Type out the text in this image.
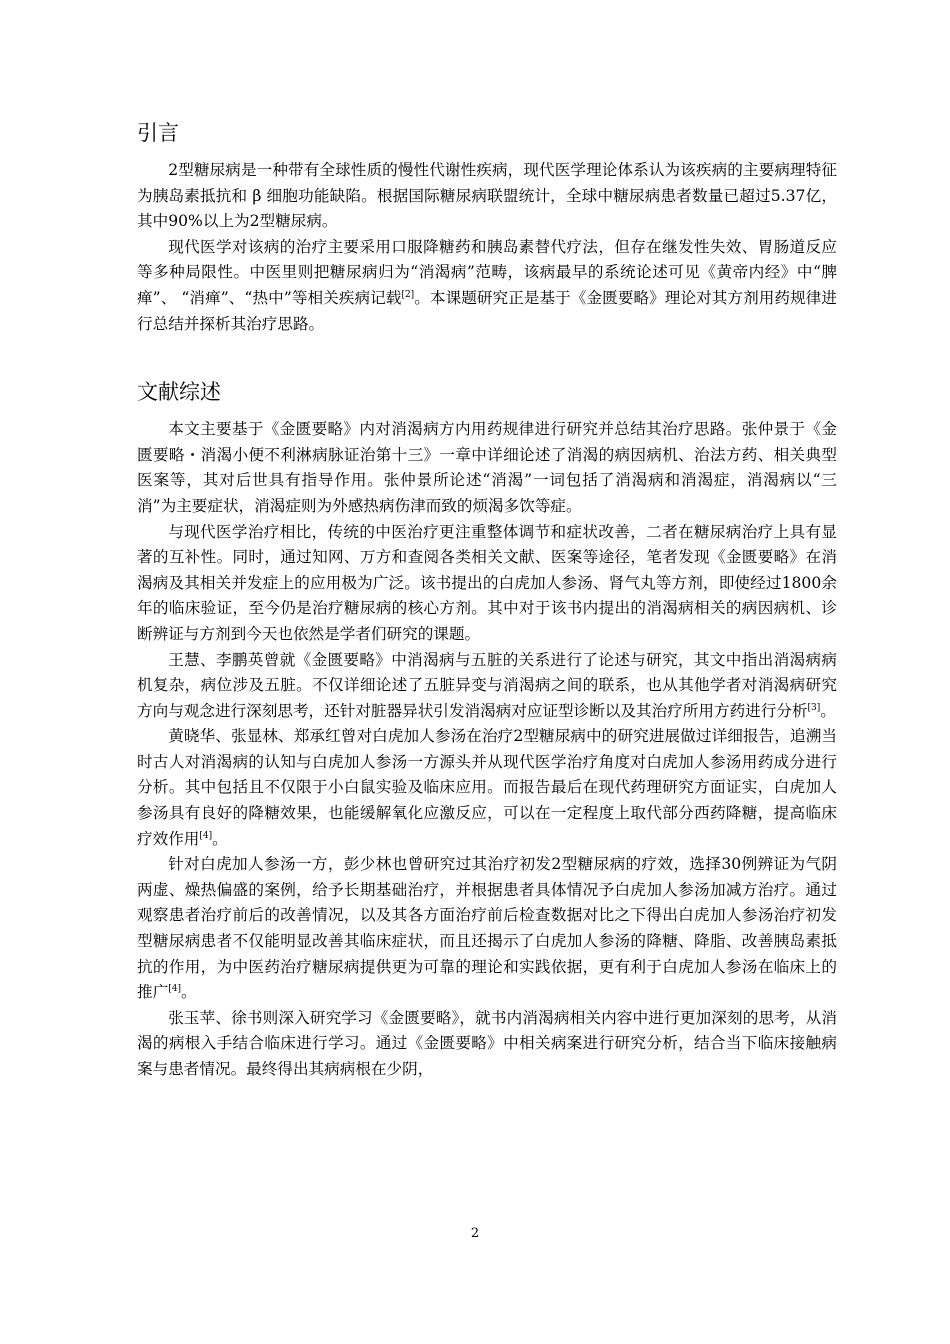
引言

2型糖尿病是一种带有全球性质的慢性代谢性疾病，现代医学理论体系认为该疾病的主要病理特征为胰岛素抵抗和 β 细胞功能缺陷。根据国际糖尿病联盟统计，全球中糖尿病患者数量已超过5.37亿，其中90%以上为2型糖尿病。

现代医学对该病的治疗主要采用口服降糖药和胰岛素替代疗法，但存在继发性失效、胃肠道反应等多种局限性。中医里则把糖尿病归为“消渴病”范畴，该病最早的系统论述可见《黄帝内经》中“脾瘅”、 “消瘅”、“热中”等相关疾病记载[2]。本课题研究正是基于《金匮要略》理论对其方剂用药规律进行总结并探析其治疗思路。

文献综述

本文主要基于《金匮要略》内对消渴病方内用药规律进行研究并总结其治疗思路。张仲景于《金匮要略・消渴小便不利淋病脉证治第十三》一章中详细论述了消渴的病因病机、治法方药、相关典型医案等，其对后世具有指导作用。张仲景所论述“消渴”一词包括了消渴病和消渴症，消渴病以“三消”为主要症状，消渴症则为外感热病伤津而致的烦渴多饮等症。

与现代医学治疗相比，传统的中医治疗更注重整体调节和症状改善，二者在糖尿病治疗上具有显著的互补性。同时，通过知网、万方和查阅各类相关文献、医案等途径，笔者发现《金匮要略》在消渴病及其相关并发症上的应用极为广泛。该书提出的白虎加人参汤、肾气丸等方剂，即使经过1800余年的临床验证，至今仍是治疗糖尿病的核心方剂。其中对于该书内提出的消渴病相关的病因病机、诊断辨证与方剂到今天也依然是学者们研究的课题。

王慧、李鹏英曾就《金匮要略》中消渴病与五脏的关系进行了论述与研究，其文中指出消渴病病机复杂，病位涉及五脏。不仅详细论述了五脏异变与消渴病之间的联系，也从其他学者对消渴病研究方向与观念进行深刻思考，还针对脏器异状引发消渴病对应证型诊断以及其治疗所用方药进行分析[3]。

黄晓华、张显林、郑承红曾对白虎加人参汤在治疗2型糖尿病中的研究进展做过详细报告，追溯当时古人对消渴病的认知与白虎加人参汤一方源头并从现代医学治疗角度对白虎加人参汤用药成分进行分析。其中包括且不仅限于小白鼠实验及临床应用。而报告最后在现代药理研究方面证实，白虎加人参汤具有良好的降糖效果，也能缓解氧化应激反应，可以在一定程度上取代部分西药降糖，提高临床疗效作用[4]。

针对白虎加人参汤一方，彭少林也曾研究过其治疗初发2型糖尿病的疗效，选择30例辨证为气阴两虚、燥热偏盛的案例，给予长期基础治疗，并根据患者具体情况予白虎加人参汤加减方治疗。通过观察患者治疗前后的改善情况，以及其各方面治疗前后检查数据对比之下得出白虎加人参汤治疗初发型糖尿病患者不仅能明显改善其临床症状，而且还揭示了白虎加人参汤的降糖、降脂、改善胰岛素抵抗的作用，为中医药治疗糖尿病提供更为可靠的理论和实践依据，更有利于白虎加人参汤在临床上的推广[4]。

张玉苹、徐书则深入研究学习《金匮要略》，就书内消渴病相关内容中进行更加深刻的思考，从消渴的病根入手结合临床进行学习。通过《金匮要略》中相关病案进行研究分析，结合当下临床接触病案与患者情况。最终得出其病病根在少阴，

2
